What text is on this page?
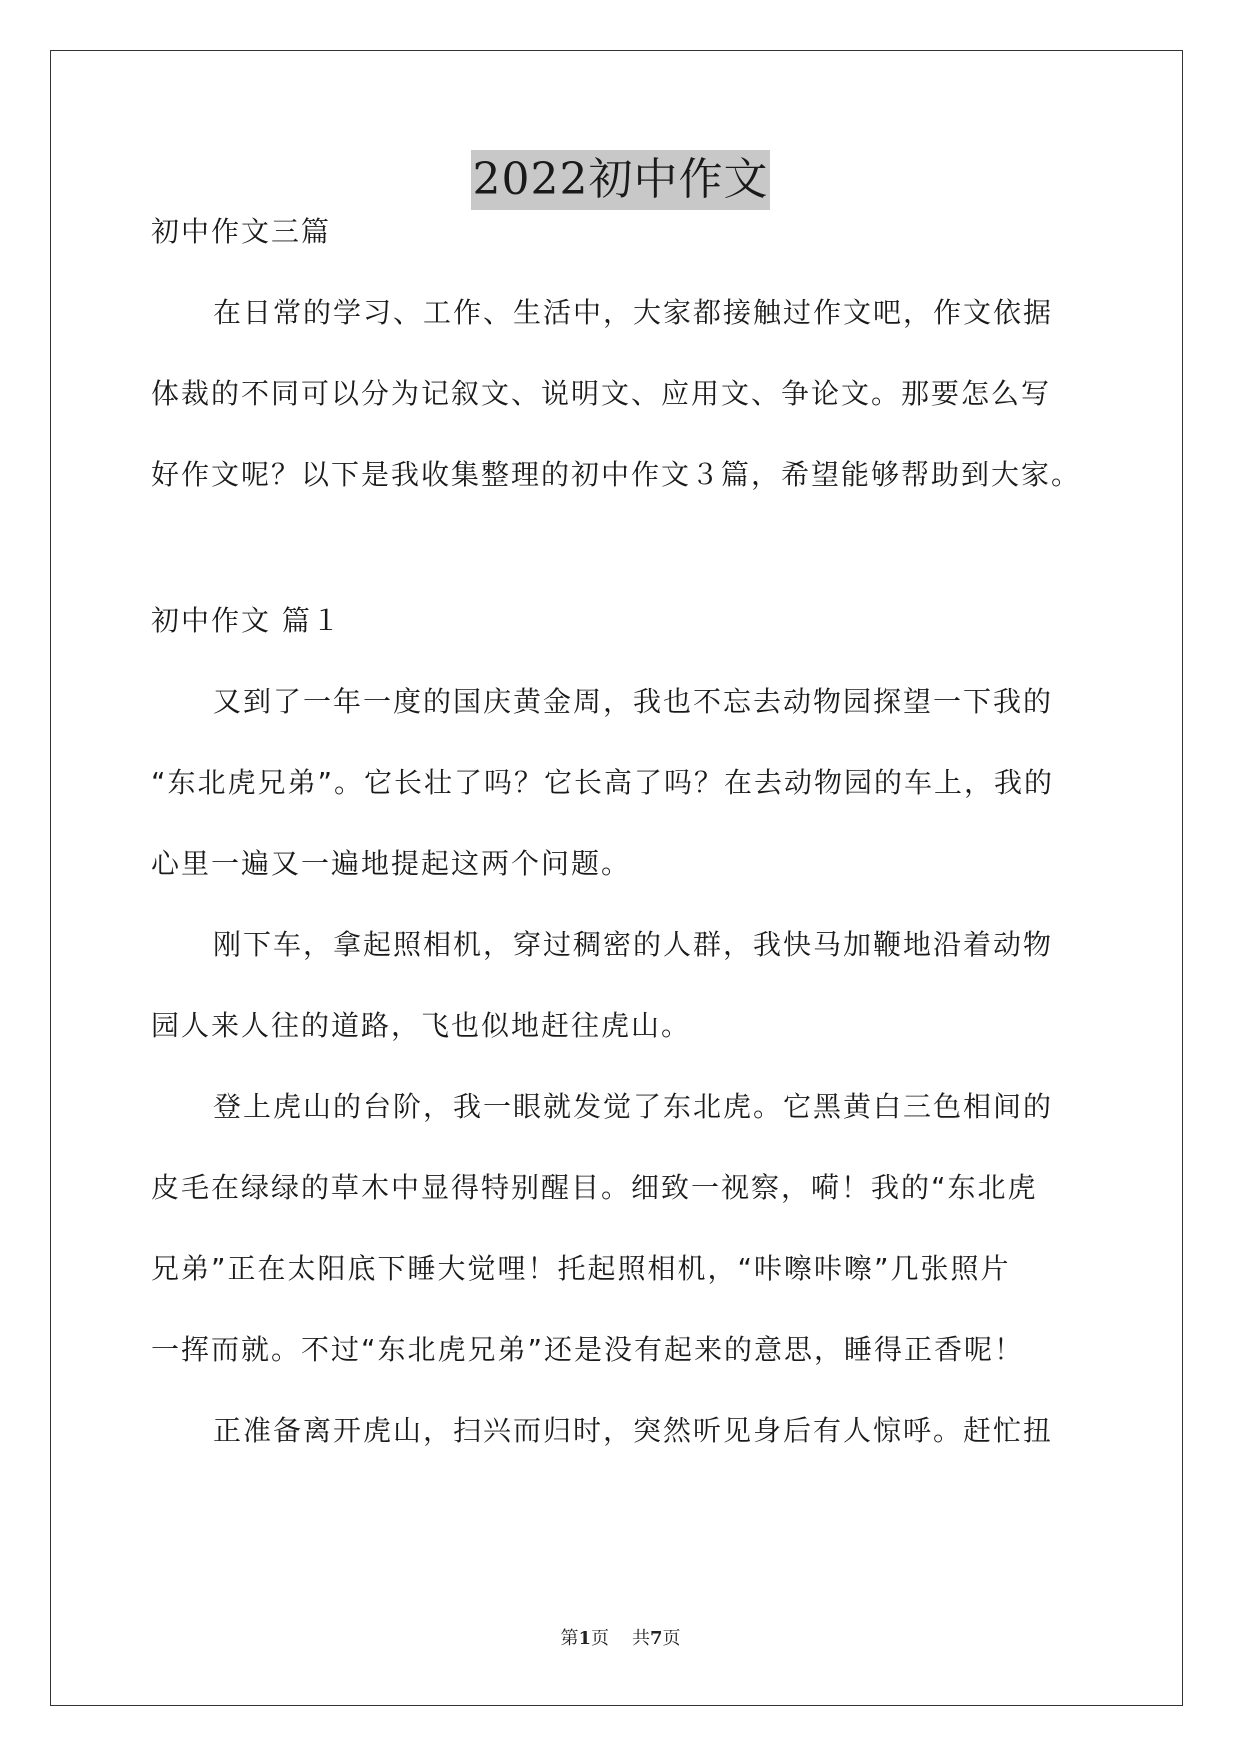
2022初中作文

初中作文三篇

在日常的学习、工作、生活中，大家都接触过作文吧，作文依据

体裁的不同可以分为记叙文、说明文、应用文、争论文。那要怎么写

好作文呢？以下是我收集整理的初中作文３篇，希望能够帮助到大家。

初中作文 篇１

又到了一年一度的国庆黄金周，我也不忘去动物园探望一下我的

“东北虎兄弟”。它长壮了吗？它长高了吗？在去动物园的车上，我的

心里一遍又一遍地提起这两个问题。

刚下车，拿起照相机，穿过稠密的人群，我快马加鞭地沿着动物

园人来人往的道路，飞也似地赶往虎山。

登上虎山的台阶，我一眼就发觉了东北虎。它黑黄白三色相间的

皮毛在绿绿的草木中显得特别醒目。细致一视察，嗬！我的“东北虎

兄弟”正在太阳底下睡大觉哩！托起照相机，“咔嚓咔嚓”几张照片

一挥而就。不过“东北虎兄弟”还是没有起来的意思，睡得正香呢！

正准备离开虎山，扫兴而归时，突然听见身后有人惊呼。赶忙扭

第1页 共7页
